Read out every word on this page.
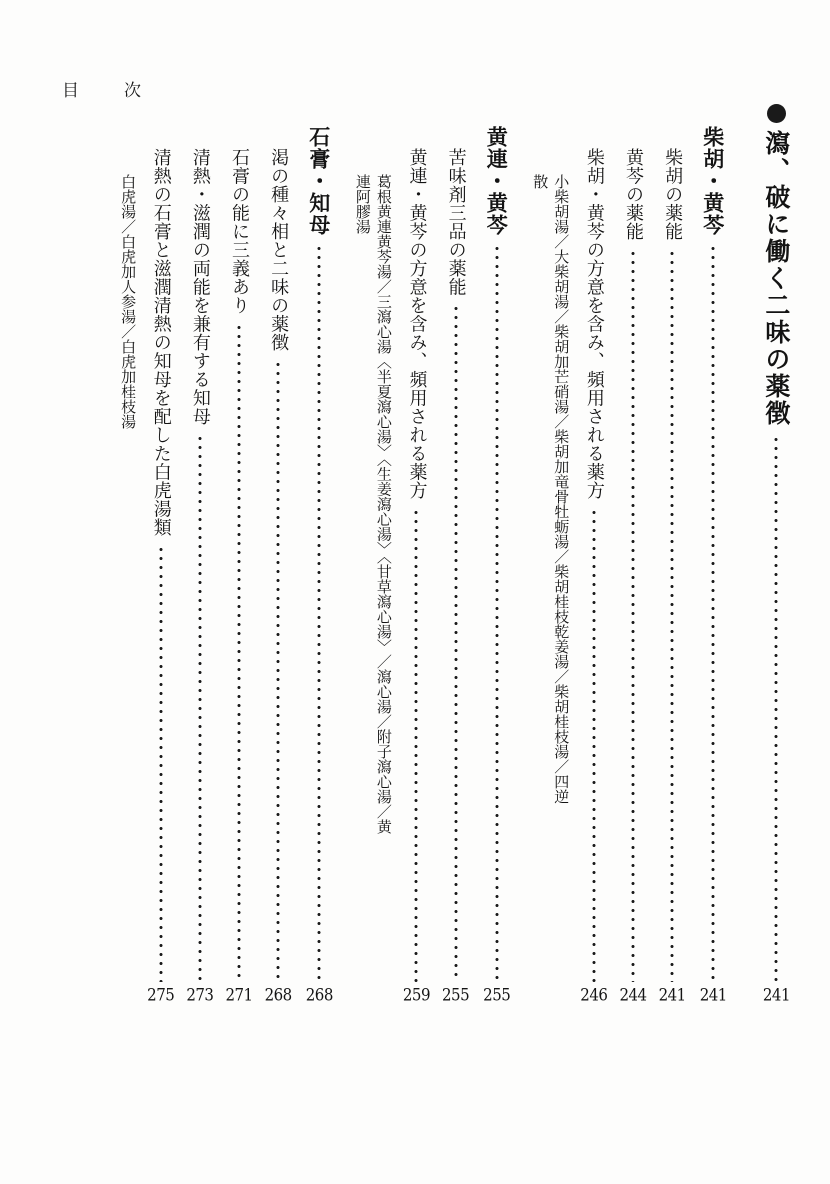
目　次
瀉、破に働く二味の薬徴
241
柴胡・黄芩
241
柴胡の薬能
241
黄芩の薬能
244
柴胡・黄芩の方意を含み、頻用される薬方
246
小柴胡湯／大柴胡湯／柴胡加芒硝湯／柴胡加竜骨牡蛎湯／柴胡桂枝乾姜湯／柴胡桂枝湯／四逆
散
黄連・黄芩
255
苦味剤三品の薬能
255
黄連・黄芩の方意を含み、頻用される薬方
259
葛根黄連黄芩湯／三瀉心湯〈半夏瀉心湯〉〈生姜瀉心湯〉〈甘草瀉心湯〉／瀉心湯／附子瀉心湯／黄
連阿膠湯
石膏・知母
268
渇の種々相と二味の薬徴
268
石膏の能に三義あり
271
清熱・滋潤の両能を兼有する知母
273
清熱の石膏と滋潤清熱の知母を配した白虎湯類
275
白虎湯／白虎加人参湯／白虎加桂枝湯
